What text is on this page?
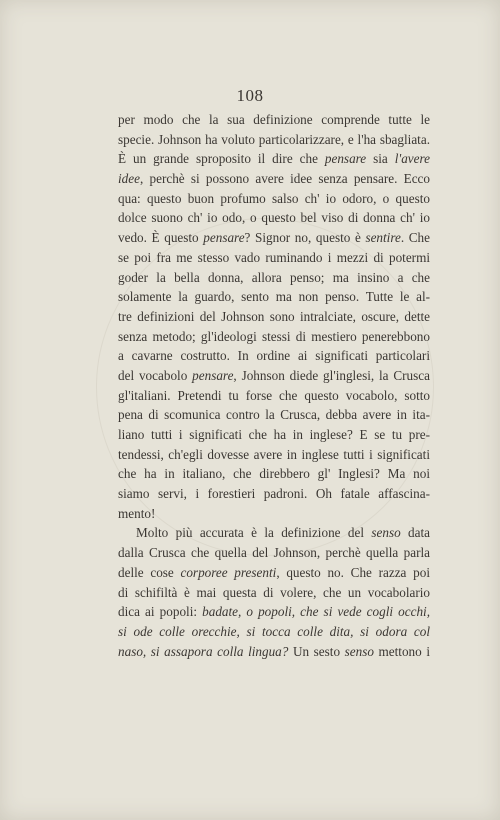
108
per modo che la sua definizione comprende tutte le
specie. Johnson ha voluto particolarizzare, e l'ha sbagliata.
È un grande sproposito il dire che pensare sia l'avere
idee, perchè si possono avere idee senza pensare. Ecco
qua: questo buon profumo salso ch' io odoro, o questo
dolce suono ch' io odo, o questo bel viso di donna ch' io
vedo. È questo pensare? Signor no, questo è sentire. Che
se poi fra me stesso vado ruminando i mezzi di potermi
goder la bella donna, allora penso; ma insino a che
solamente la guardo, sento ma non penso. Tutte le al-
tre definizioni del Johnson sono intralciate, oscure, dette
senza metodo; gl'ideologi stessi di mestiero penerebbono
a cavarne costrutto. In ordine ai significati particolari
del vocabolo pensare, Johnson diede gl'inglesi, la Crusca
gl'italiani. Pretendi tu forse che questo vocabolo, sotto
pena di scomunica contro la Crusca, debba avere in ita-
liano tutti i significati che ha in inglese? E se tu pre-
tendessi, ch'egli dovesse avere in inglese tutti i significati
che ha in italiano, che direbbero gl' Inglesi? Ma noi
siamo servi, i forestieri padroni. Oh fatale affascina-
mento!
Molto più accurata è la definizione del senso data
dalla Crusca che quella del Johnson, perchè quella parla
delle cose corporee presenti, questo no. Che razza poi
di schifiltà è mai questa di volere, che un vocabolario
dica ai popoli: badate, o popoli, che si vede cogli occhi,
si ode colle orecchie, si tocca colle dita, si odora col
naso, si assapora colla lingua? Un sesto senso mettono i
